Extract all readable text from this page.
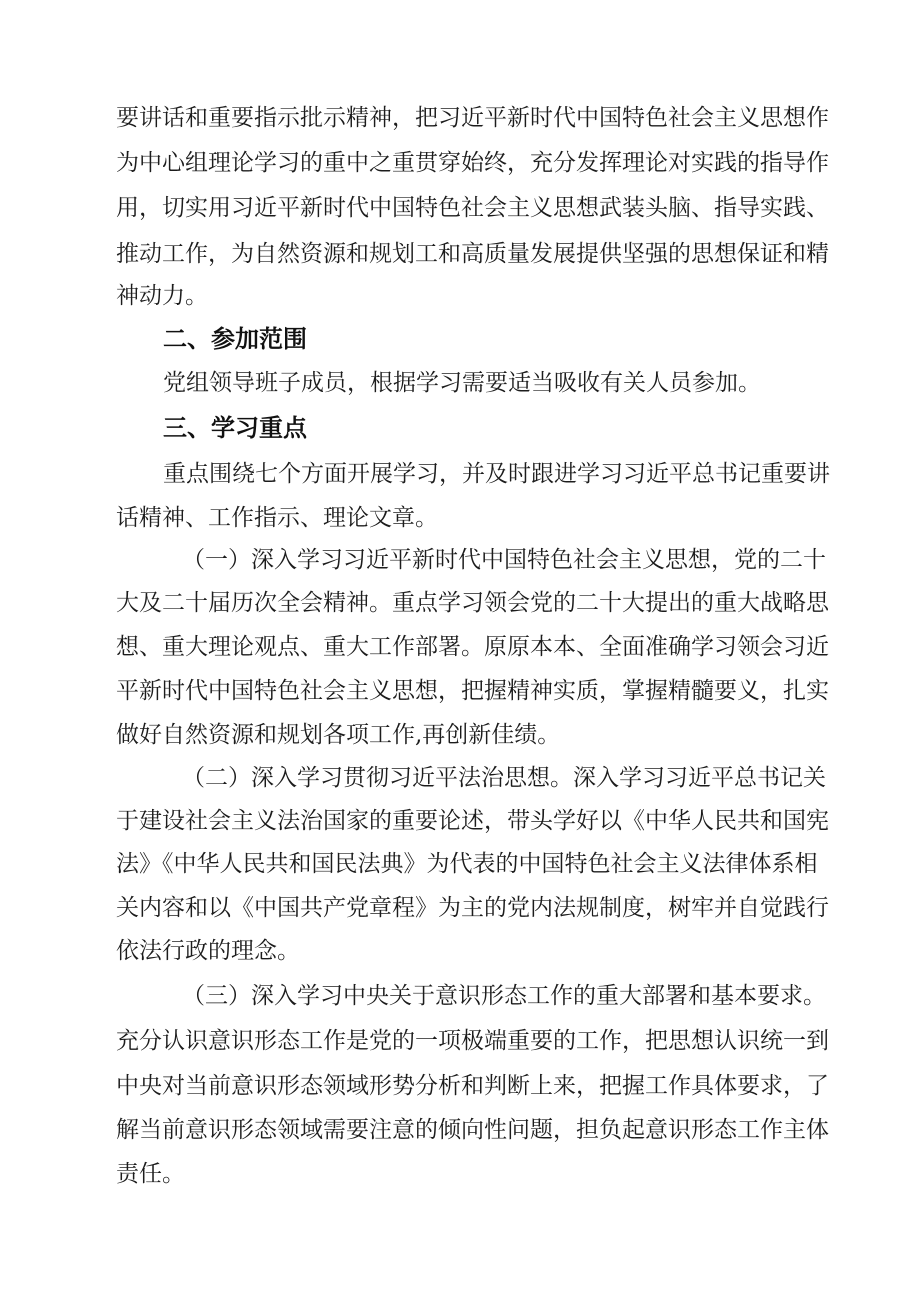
要讲话和重要指示批示精神，把习近平新时代中国特色社会主义思想作

为中心组理论学习的重中之重贯穿始终，充分发挥理论对实践的指导作

用，切实用习近平新时代中国特色社会主义思想武装头脑、指导实践、

推动工作，为自然资源和规划工和高质量发展提供坚强的思想保证和精

神动力。

二、参加范围

党组领导班子成员，根据学习需要适当吸收有关人员参加。

三、学习重点

重点围绕七个方面开展学习，并及时跟进学习习近平总书记重要讲

话精神、工作指示、理论文章。

（一）深入学习习近平新时代中国特色社会主义思想，党的二十

大及二十届历次全会精神。重点学习领会党的二十大提出的重大战略思

想、重大理论观点、重大工作部署。原原本本、全面准确学习领会习近

平新时代中国特色社会主义思想，把握精神实质，掌握精髓要义，扎实

做好自然资源和规划各项工作,再创新佳绩。

（二）深入学习贯彻习近平法治思想。深入学习习近平总书记关

于建设社会主义法治国家的重要论述，带头学好以《中华人民共和国宪

法》《中华人民共和国民法典》为代表的中国特色社会主义法律体系相

关内容和以《中国共产党章程》为主的党内法规制度，树牢并自觉践行

依法行政的理念。

（三）深入学习中央关于意识形态工作的重大部署和基本要求。

充分认识意识形态工作是党的一项极端重要的工作，把思想认识统一到

中央对当前意识形态领域形势分析和判断上来，把握工作具体要求，了

解当前意识形态领域需要注意的倾向性问题，担负起意识形态工作主体

责任。
